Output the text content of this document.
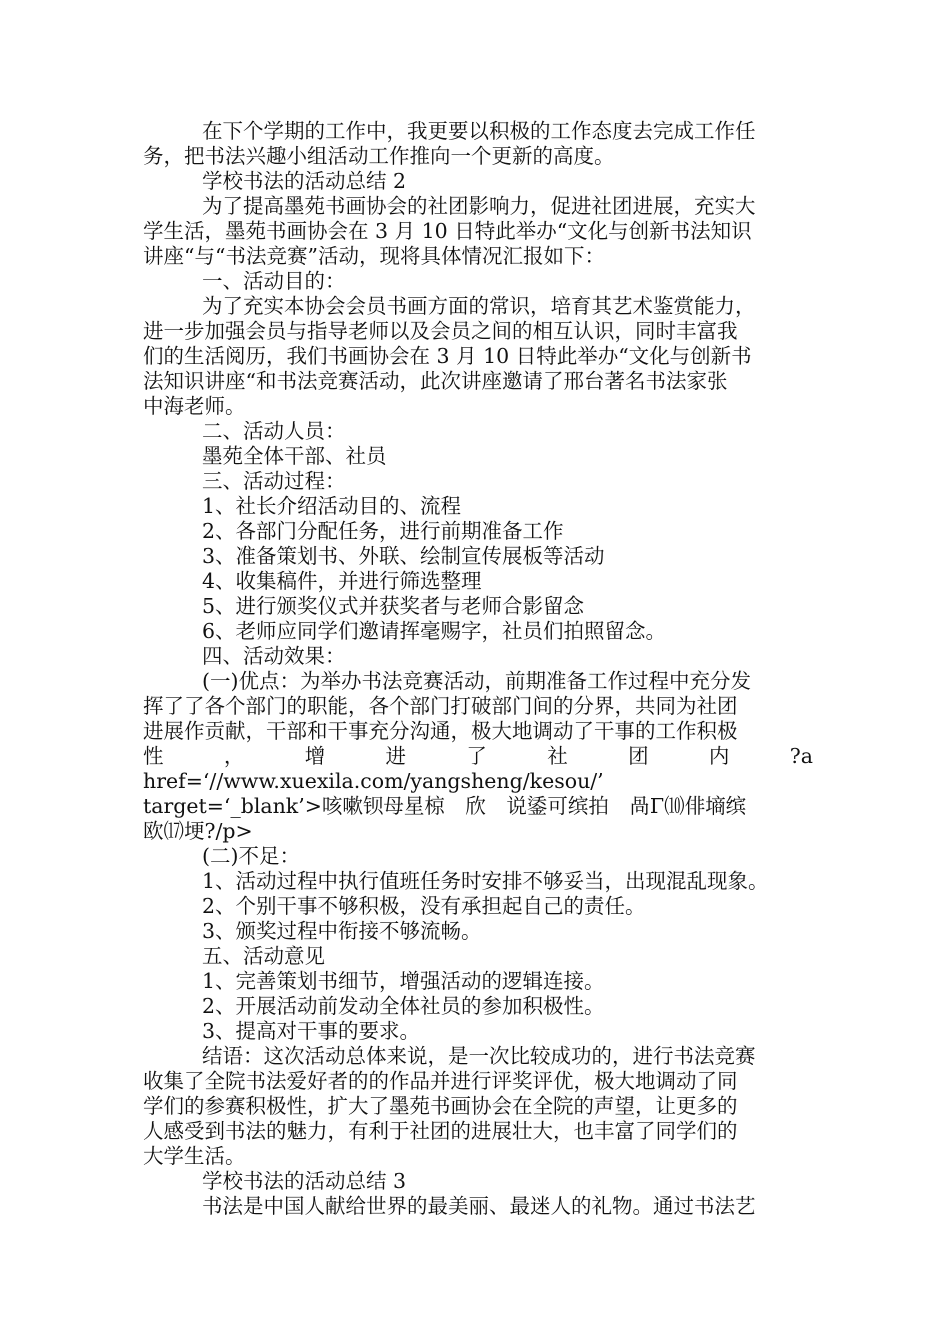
在下个学期的工作中，我更要以积极的工作态度去完成工作任
务，把书法兴趣小组活动工作推向一个更新的高度。
学校书法的活动总结 2
为了提高墨苑书画协会的社团影响力，促进社团进展，充实大
学生活，墨苑书画协会在 3 月 10 日特此举办“文化与创新书法知识
讲座“与“书法竞赛”活动，现将具体情况汇报如下：
一、活动目的：
为了充实本协会会员书画方面的常识，培育其艺术鉴赏能力，
进一步加强会员与指导老师以及会员之间的相互认识，同时丰富我
们的生活阅历，我们书画协会在 3 月 10 日特此举办“文化与创新书
法知识讲座“和书法竞赛活动，此次讲座邀请了邢台著名书法家张
中海老师。
二、活动人员：
墨苑全体干部、社员
三、活动过程：
1、社长介绍活动目的、流程
2、各部门分配任务，进行前期准备工作
3、准备策划书、外联、绘制宣传展板等活动
4、收集稿件，并进行筛选整理
5、进行颁奖仪式并获奖者与老师合影留念
6、老师应同学们邀请挥毫赐字，社员们拍照留念。
四、活动效果：
(一)优点：为举办书法竞赛活动，前期准备工作过程中充分发
挥了了各个部门的职能，各个部门打破部门间的分界，共同为社团
进展作贡献，干部和干事充分沟通，极大地调动了干事的工作积极
性	，	增	进	了	社	团	内	?a
href=‘//www.xuexila.com/yangsheng/kesou/’
target=‘_blank’>咳嗽钡母星椋　欣　说鋈可缤拍　咼Γ⑽俳墒缤
欧⒄埂?/p>
(二)不足：
1、活动过程中执行值班任务时安排不够妥当，出现混乱现象。
2、个别干事不够积极，没有承担起自己的责任。
3、颁奖过程中衔接不够流畅。
五、活动意见
1、完善策划书细节，增强活动的逻辑连接。
2、开展活动前发动全体社员的参加积极性。
3、提高对干事的要求。
结语：这次活动总体来说，是一次比较成功的，进行书法竞赛
收集了全院书法爱好者的的作品并进行评奖评优，极大地调动了同
学们的参赛积极性，扩大了墨苑书画协会在全院的声望，让更多的
人感受到书法的魅力，有利于社团的进展壮大，也丰富了同学们的
大学生活。
学校书法的活动总结 3
书法是中国人献给世界的最美丽、最迷人的礼物。通过书法艺
